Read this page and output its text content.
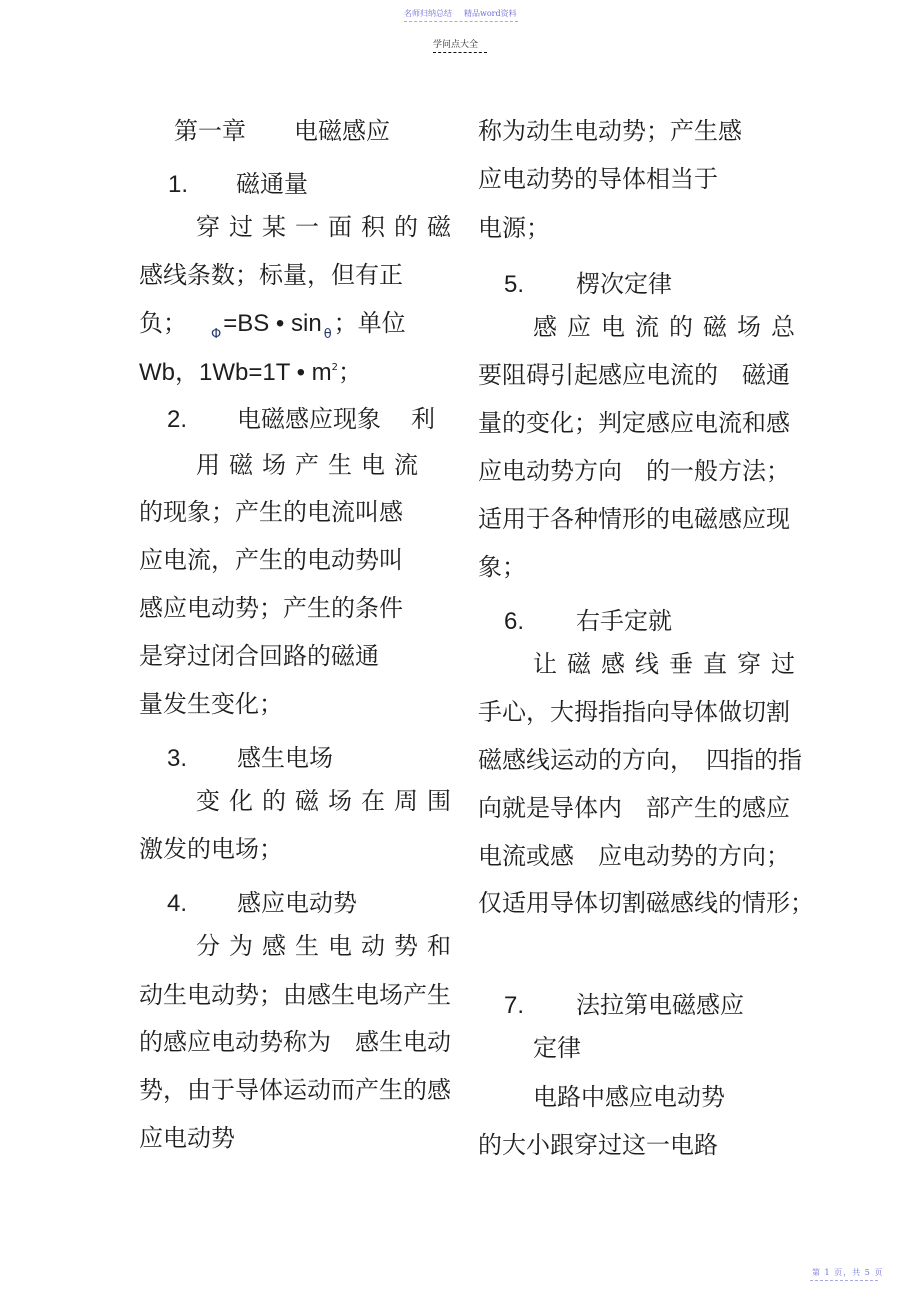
名师归纳总结 精品word资料
学问点大全
第一章　　电磁感应
1. 磁通量
穿过某一面积的磁
感线条数；标量，但有正
负； $_\Phi$=BS • sin $_\theta$；单位
Wb，1Wb=1T • $m^2$；
2. 电磁感应现象 利
用磁场产生电流
的现象；产生的电流叫感
应电流，产生的电动势叫
感应电动势；产生的条件
是穿过闭合回路的磁通
量发生变化；
3. 感生电场
变化的磁场在周围
激发的电场；
4. 感应电动势
分为感生电动势和
动生电动势；由感生电场产生
的感应电动势称为　感生电动
势，由于导体运动而产生的感
应电动势
称为动生电动势；产生感
应电动势的导体相当于
电源；
5. 楞次定律
感应电流的磁场总
要阻碍引起感应电流的　磁通
量的变化；判定感应电流和感
应电动势方向　的一般方法；
适用于各种情形的电磁感应现
象；
6. 右手定就
让磁感线垂直穿过
手心，大拇指指向导体做切割
磁感线运动的方向，　四指的指
向就是导体内　部产生的感应
电流或感　应电动势的方向；
仅适用导体切割磁感线的情形；
7. 法拉第电磁感应
定律
电路中感应电动势
的大小跟穿过这一电路
第 1 页，共 5 页
